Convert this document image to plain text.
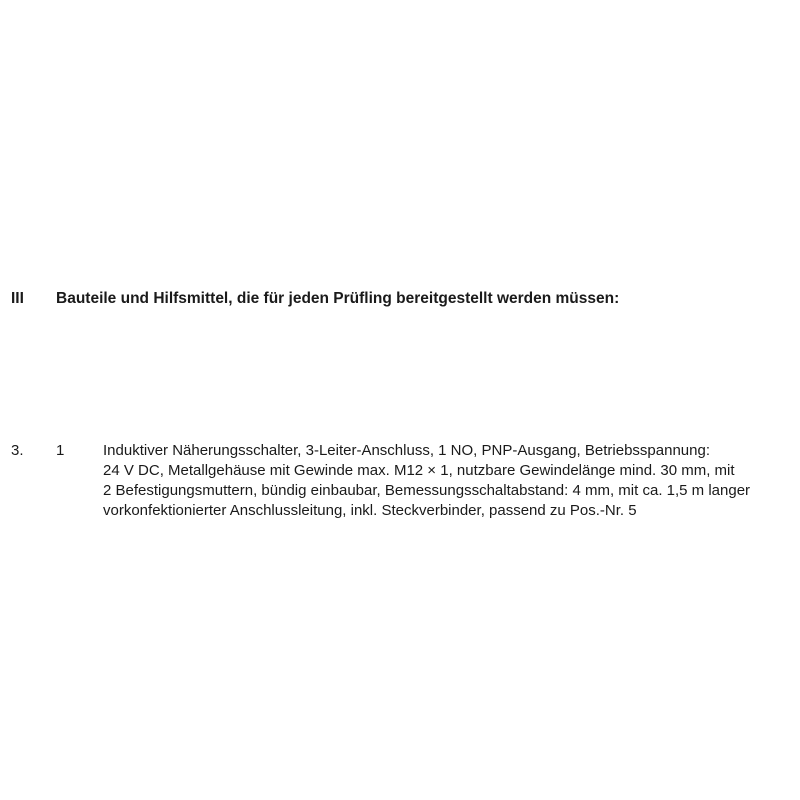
III Bauteile und Hilfsmittel, die für jeden Prüfling bereitgestellt werden müssen:
3. 1	Induktiver Näherungsschalter, 3-Leiter-Anschluss, 1 NO, PNP-Ausgang, Betriebsspannung:
24 V DC, Metallgehäuse mit Gewinde max. M12 × 1, nutzbare Gewindelänge mind. 30 mm, mit
2 Befestigungsmuttern, bündig einbaubar, Bemessungsschaltabstand: 4 mm, mit ca. 1,5 m langer
vorkonfektionierter Anschlussleitung, inkl. Steckverbinder, passend zu Pos.-Nr. 5
